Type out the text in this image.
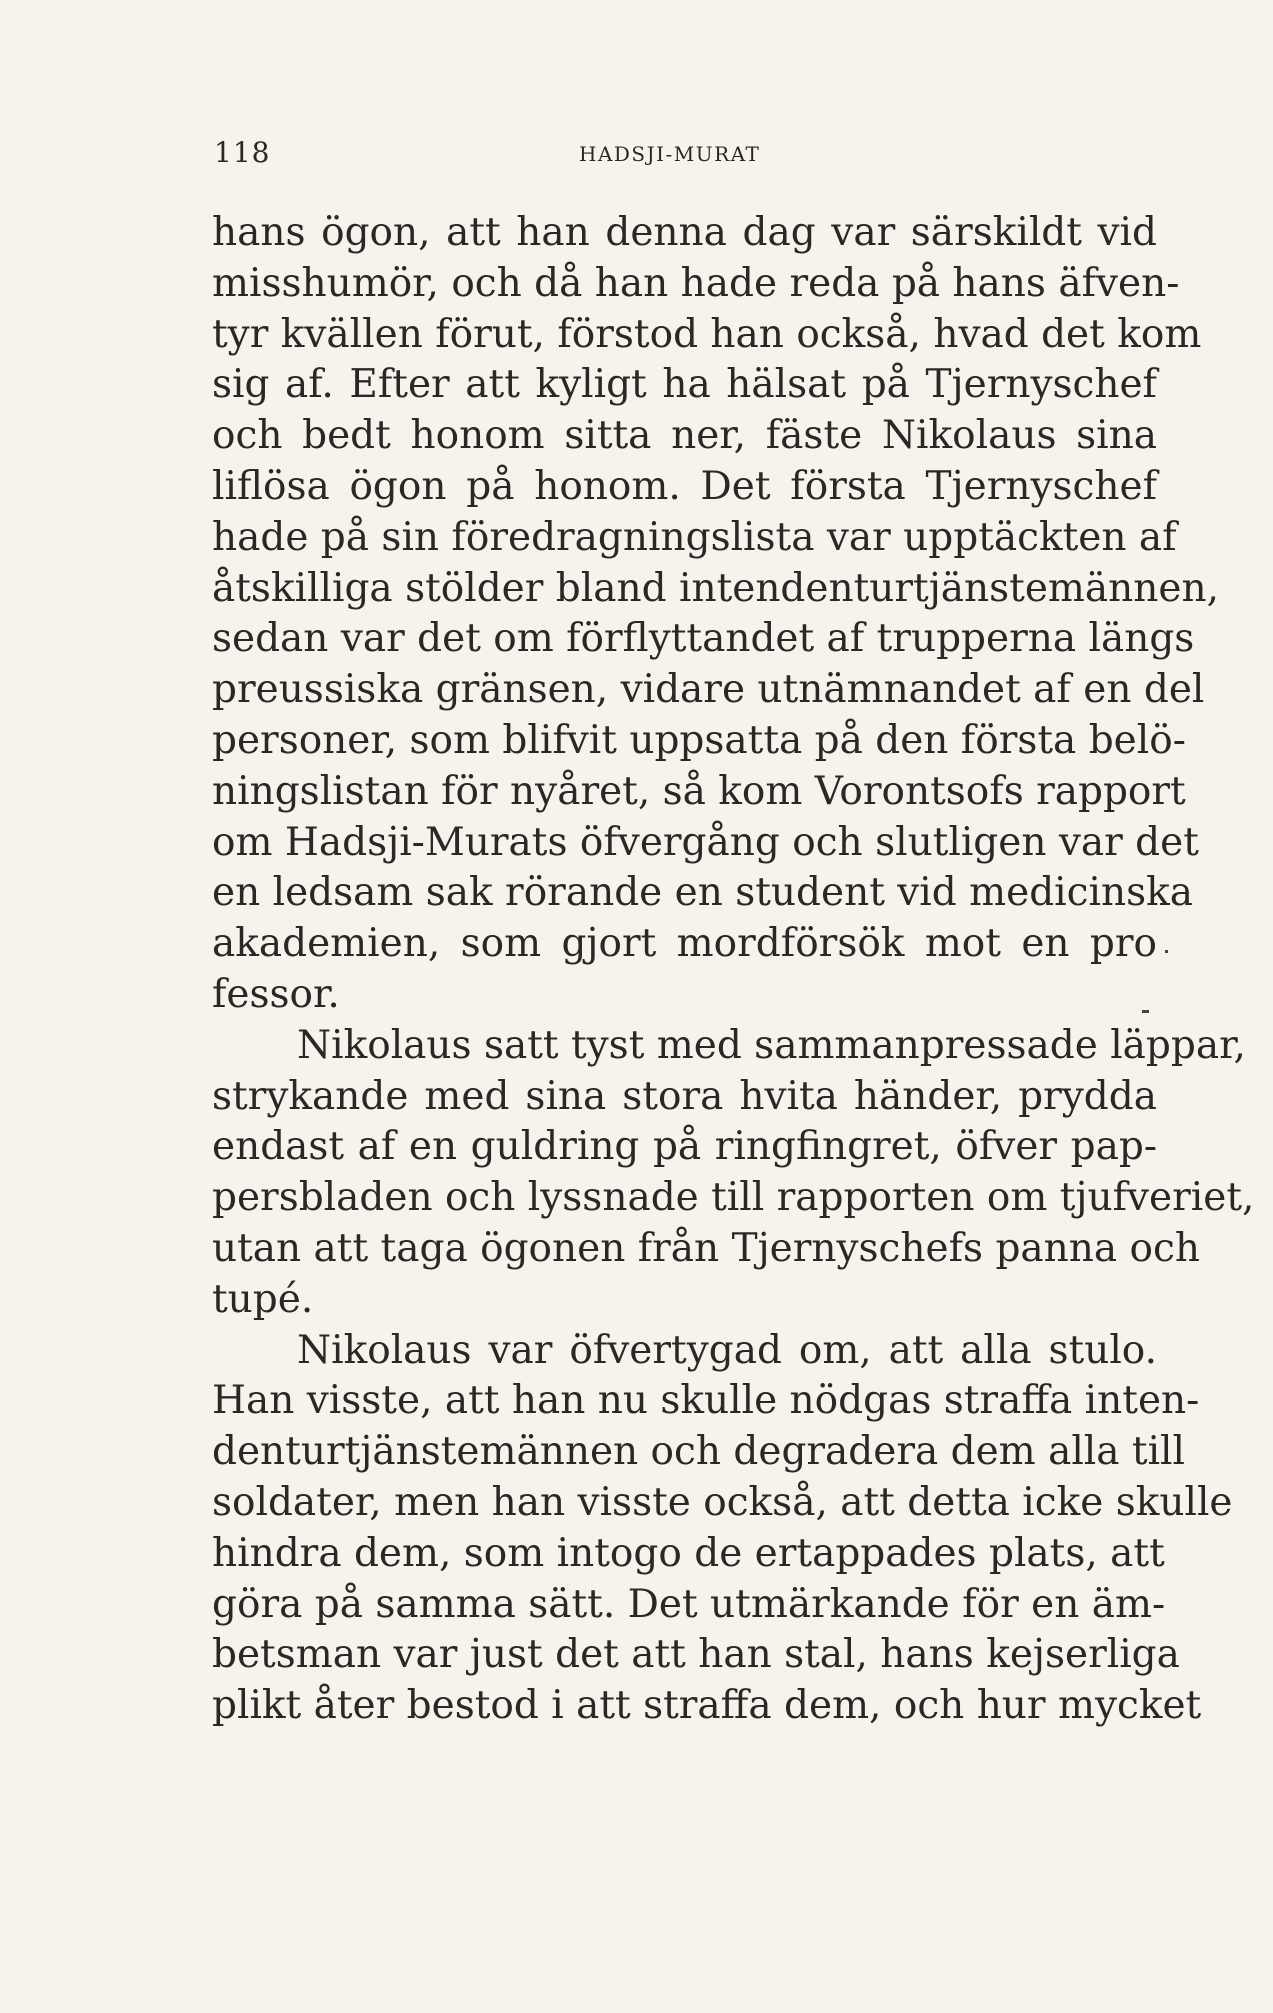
118	HADSJI-MURAT
hans ögon, att han denna dag var särskildt vid
misshumör, och då han hade reda på hans äfven-
tyr kvällen förut, förstod han också, hvad det kom
sig af. Efter att kyligt ha hälsat på Tjernyschef
och bedt honom sitta ner, fäste Nikolaus sina
liflösa ögon på honom. Det första Tjernyschef
hade på sin föredragningslista var upptäckten af
åtskilliga stölder bland intendenturtjänstemännen,
sedan var det om förflyttandet af trupperna längs
preussiska gränsen, vidare utnämnandet af en del
personer, som blifvit uppsatta på den första belö-
ningslistan för nyåret, så kom Vorontsofs rapport
om Hadsji-Murats öfvergång och slutligen var det
en ledsam sak rörande en student vid medicinska
akademien, som gjort mordförsök mot en pro
fessor.
Nikolaus satt tyst med sammanpressade läppar,
strykande med sina stora hvita händer, prydda
endast af en guldring på ringfingret, öfver pap-
persbladen och lyssnade till rapporten om tjufveriet,
utan att taga ögonen från Tjernyschefs panna och
tupé.
Nikolaus var öfvertygad om, att alla stulo.
Han visste, att han nu skulle nödgas straffa inten-
denturtjänstemännen och degradera dem alla till
soldater, men han visste också, att detta icke skulle
hindra dem, som intogo de ertappades plats, att
göra på samma sätt. Det utmärkande för en äm-
betsman var just det att han stal, hans kejserliga
plikt åter bestod i att straffa dem, och hur mycket
